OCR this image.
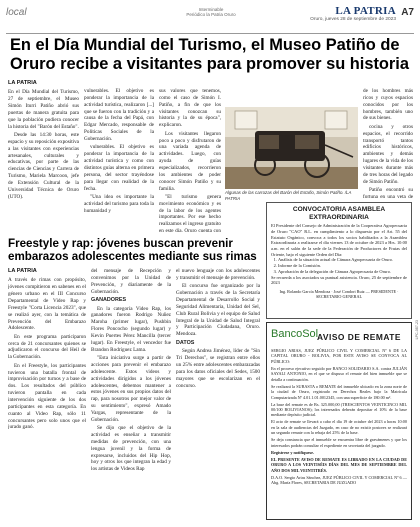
local	Interminable
Periódico la Patria Oruro	LA PATRIA
Oruro, jueves 28 de septiembre de 2023
A7
En el Día Mundial del Turismo, el Museo Patiño de Oruro recibe a visitantes para promover su historia
LA PATRIA

En el Día Mundial del Turismo, 27 de septiembre, el Museo Simón Iturri Patiño abrió sus puertas de manera gratuita para que la población pudiera conocer la historia del "Barón del Estaño".

Desde las 14:30 horas, este espacio y su reposición expositiva a las visitantes con experiencias artesanales, culturales y educativas, por parte de las ciencias de Ciencias y Carrera de Turismo, Mariela Marcoon, jefe de Extensión Cultural de la Universidad Técnica de Oruro (UTO).

vulnerables. El objetivo es ponderar la importancia de la actividad turística, realizaron [...] que se fueron con la tradición y a causa de la fecha del Papá, con Edgar Mercado, responsable de Políticas Sociales de la Gobernación.

vulnerables. El objetivo es ponderar la importancia de la actividad turística y como con distintos guías alterna en primera persona, del sector trayéndose para llegar con realidad de la fecha.

"Una idea es importante la actividad del turismo para toda la humanidad y

sus valores que tenemos, como el caso de Simón I. Patiño, a fin de que los visitantes conozcan su historia y la de su época", explicaron.

Los visitantes llegaron poco a poco y disfrutaron de una variada agenda de actividades. Luego, con ayuda de guías especializados, recorrieron los ambientes de poder conocer Simón Patiño y su familia.

"El turismo genera movimiento económico y es de la labor de los agentes importantes. Por ese hecho realizamos el ingreso gratuito en este día. Oruro cuenta con

Algunas de las carrozas del Barón del Estaño, Simón Patiño. /LA PATRIA

de los hombres más ricos y cuyos espacios conocidos por los hombres, también uno de sus bienes.

cocina y otros espacios, el recorrido transportó tantos edificios históricos, ambientes y demás lugares de la vida de los visitantes durante más de tres horas del legado de Simón Patiño.

Patiño encontró su fortuna en una veta de

CONVOCATORIA ASAMBLEA EXTRAORDINARIA

El Presidente del Consejo de Administración de la Cooperativa Agropecuaria de Oruro "CAO" R.L. en cumplimiento a lo dispuesto por el Art. 55 del Estatuto Orgánico, convoca a todos los socios habilitados a la Asamblea Extraordinaria a realizarse el día viernes 13 de octubre de 2023 a Hrs. 10:00 a.m. en el salón de la sede de la Federación de Productores de Frutas del Oriente, bajo el siguiente Orden del Día:

1. Análisis de la situación actual de Cámara Agropecuaria de Oruro.
2. Informe de la Comisión.
3. Aprobación de la delegación de Cámara Agropecuaria de Oruro.

Se recuerda a los asociados su puntual asistencia. Oruro, 25 de septiembre de 2023

Ing. Rolando García Mendoza · José Condori Ruiz — PRESIDENTE · SECRETARIO GENERAL
Freestyle y rap: jóvenes buscan prevenir embarazos adolescentes mediante sus rimas
LA PATRIA

A través de rimas con propósito, jóvenes compitieron en sabenes en el género urbano en el III Concurso Departamental de Video Rap y Freestyle "Corta Licencia 2023", que se realizó ayer, con la temática de Prevención del Embarazo Adolescente.

En este programa participaron cerca de 21 concursantes quienes se adjudicaron el concurso del Heil de la Gobernación.

En el Freestyle, los participantes tuvieron una batalla frontal de improvisación por turnos y a base de dos. Los resultados del público tuvieron pantalla en cada intervención siguiente de los dos participantes en esta categoría. En cuanto al Video Rap, sólo 11 concursantes pero solo unos que el jurado ganó.

del mensaje de Recepción y convenimos por la Unidad de Prevención, y diariamente de la Gobernación.

GANADORES

En la categoría Video Rap, los ganadores fueron Rodrigo Nuñez Maroha (primer lugar), Pushbin Flores Poncocho (segundo lugar) y Kevin Puertes Pérez Mancilla (tercer lugar). En Freestyle, el vencedor fue Brandon Rodríguez Lama.

"Esta iniciativa surge a partir de acciones para prevenir el embarazo adolescente. Estos videos y actividades dirigidos a los jóvenes adolescentes, debemos mantener a estos jóvenes en sus propios datos del rap, para nosotros por mejor valor de su sentimiento", expresó Amado Vargas, representante de la Gobernación.

Se dijo que el objetivo de la actividad es enseñar a transmitir medidas de prevención, con una lengua juvenil y la forma de expresarse, incluidos del Hip Hop, hoy y otros los que integran la edad y los artistas de Videos Rap

el nuevo lenguaje con los adolescentes y transmitir el mensaje de prevención.

El concurso fue organizado por la Gobernación a través de la Secretaría Departamental de Desarrollo Social y Seguridad Alimentaria, Unidad del Sel, Club Rural Bolivia y el equipo de Salud Integral de la Unidad de Salud Integral y Participación Ciudadana, Oruro. Mendoza.

DATOS

Según Andrea Jiménez, líder de "Sin Tri Derechos", se registran entre ellos un 25% entre adolescentes embarazadas para los datos oficiales del Sedes, 1500 mayores que se escolarizan en el concurso.

BancoSol
AVISO DE REMATE

SERGIO ARIAS, JUEZ PÚBLICO CIVIL Y COMERCIAL Nº 6 DE LA CAPITAL ORURO - BOLIVIA, POR ESTE AVISO SE CONVOCA AL PÚBLICO:

En el proceso ejecutivo seguido por BANCO SOLIDARIO S.A. contra JULIÁN SAYALI ANTONIO, en el que se dispuso el remate del bien inmueble que se detalla a continuación.

Se realizará la SUBASTA o REMATE del inmueble ubicado en la zona norte de la ciudad de Oruro, registrado en Derechos Reales bajo la Matrícula Computarizada Nº 4.01.1.01.0012345, con una superficie de 180.00 m².

La base del remate es de Bs. 325.000,00 (TRESCIENTOS VEINTICINCO MIL 00/100 BOLIVIANOS); los interesados deberán depositar el 10% de la base mediante depósito judicial.

El acto de remate se llevará a cabo el día 19 de octubre del 2023 a horas 10:00 en la sala de audiencias del Juzgado, en caso de no existir postores se realizará un segundo remate con la rebaja del 25% de la base.

Se deja constancia que el inmueble se encuentra libre de gravámenes y que los interesados podrán consultar el expediente en secretaría del juzgado.

Registrese y notifíquese.

EL PRESENTE AVISO DE REMATE ES LIBRADO EN LA CIUDAD DE ORURO A LOS VEINTISÉIS DÍAS DEL MES DE SEPTIEMBRE DEL AÑO DOS MIL VEINTITRÉS.

D.A.O. Sergio Arias Sánchez, JUEZ PÚBLICO CIVIL Y COMERCIAL Nº 6 — Abg. María Flores, SECRETARIA DE JUZGADO

LPC-087-23
